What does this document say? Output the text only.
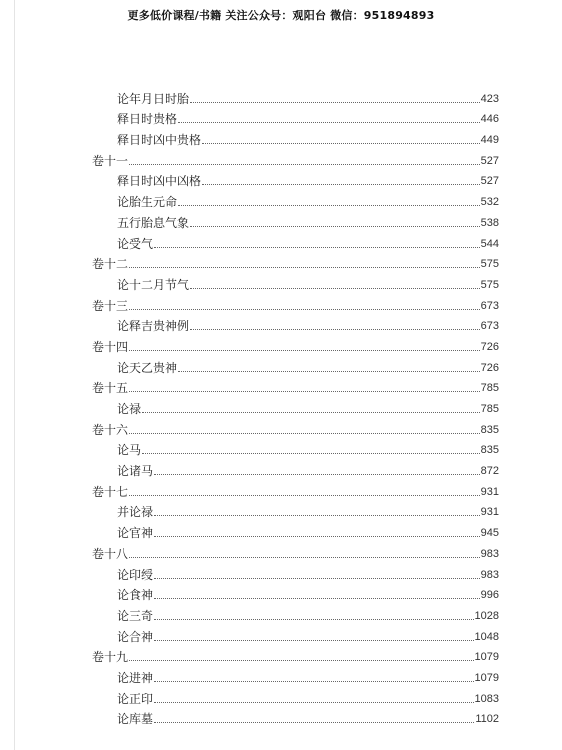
更多低价课程/书籍 关注公众号：观阳台 微信：951894893
论年月日时胎	423
释日时贵格	446
释日时凶中贵格	449
卷十一	527
释日时凶中凶格	527
论胎生元命	532
五行胎息气象	538
论受气	544
卷十二	575
论十二月节气	575
卷十三	673
论释吉贵神例	673
卷十四	726
论天乙贵神	726
卷十五	785
论禄	785
卷十六	835
论马	835
论诸马	872
卷十七	931
并论禄	931
论官神	945
卷十八	983
论印绶	983
论食神	996
论三奇	1028
论合神	1048
卷十九	1079
论进神	1079
论正印	1083
论库墓	1102
